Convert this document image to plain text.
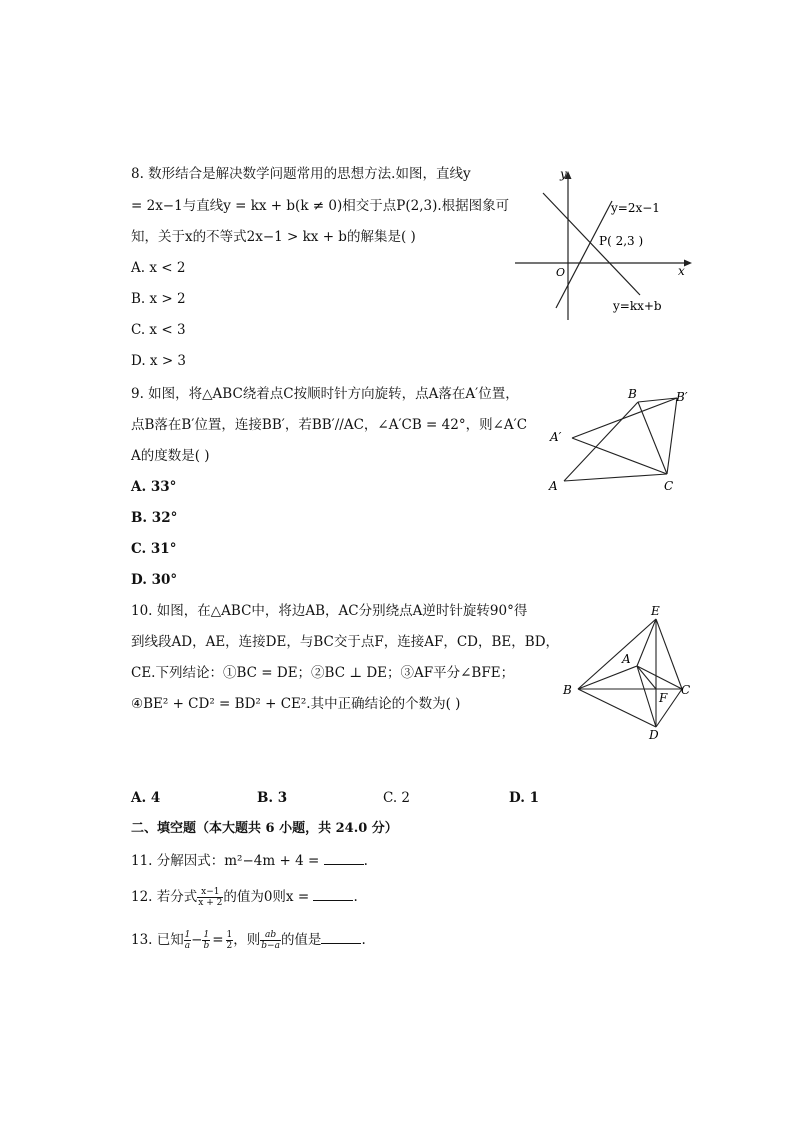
8. 数形结合是解决数学问题常用的思想方法.如图，直线y
= 2x−1与直线y = kx + b(k ≠ 0)相交于点P(2,3).根据图象可
知，关于x的不等式2x−1 > kx + b的解集是( )
A. x < 2
B. x > 2
C. x < 3
D. x > 3
y
x
O
y=2x−1
y=kx+b
P( 2,3 )
9. 如图，将△ABC绕着点C按顺时针方向旋转，点A落在A′位置，
点B落在B′位置，连接BB′，若BB′//AC，∠A′CB = 42°，则∠A′C
A的度数是( )
A. 33°
B. 32°
C. 31°
D. 30°
B	B′
A′
A	C
10. 如图，在△ABC中，将边AB，AC分别绕点A逆时针旋转90°得
到线段AD，AE，连接DE，与BC交于点F，连接AF，CD，BE，BD，
CE.下列结论：①BC = DE；②BC ⊥ DE；③AF平分∠BFE；
④BE² + CD² = BD² + CE².其中正确结论的个数为( )
E
A
B
F
C
D
A. 4	B. 3	C. 2	D. 1
二、填空题（本大题共 6 小题，共 24.0 分）
11. 分解因式：m²−4m + 4 =	.
12. 若分式 $\frac{x-1}{x + 2}$ 的值为0则x =	.
13. 已知 $\frac{1}{a} - \frac{1}{b} = \frac{1}{2}$ ，则 $\frac{ab}{b-a}$ 的值是	.
